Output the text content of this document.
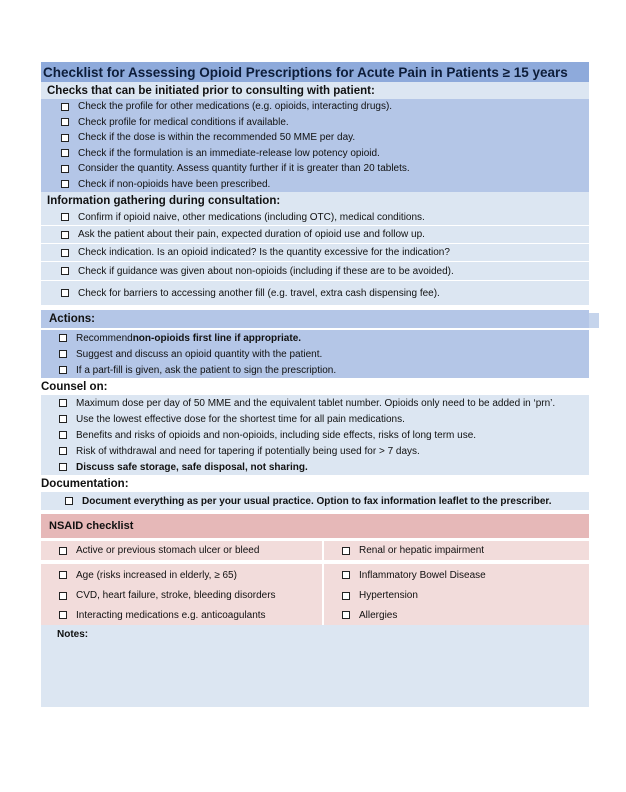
Checklist for Assessing Opioid Prescriptions for Acute Pain in Patients ≥ 15 years
Checks that can be initiated prior to consulting with patient:
Check the profile for other medications (e.g. opioids, interacting drugs).
Check profile for medical conditions if available.
Check if the dose is within the recommended 50 MME per day.
Check if the formulation is an immediate-release low potency opioid.
Consider the quantity. Assess quantity further if it is greater than 20 tablets.
Check if non-opioids have been prescribed.
Information gathering during consultation:
Confirm if opioid naive, other medications (including OTC), medical conditions.
Ask the patient about their pain, expected duration of opioid use and follow up.
Check indication. Is an opioid indicated? Is the quantity excessive for the indication?
Check if guidance was given about non-opioids (including if these are to be avoided).
Check for barriers to accessing another fill (e.g. travel, extra cash dispensing fee).
Actions:
Recommend non-opioids first line if appropriate.
Suggest and discuss an opioid quantity with the patient.
If a part-fill is given, ask the patient to sign the prescription.
Counsel on:
Maximum dose per day of 50 MME and the equivalent tablet number. Opioids only need to be added in ‘prn’.
Use the lowest effective dose for the shortest time for all pain medications.
Benefits and risks of opioids and non-opioids, including side effects, risks of long term use.
Risk of withdrawal and need for tapering if potentially being used for > 7 days.
Discuss safe storage, safe disposal, not sharing.
Documentation:
Document everything as per your usual practice. Option to fax information leaflet to the prescriber.
NSAID checklist
Active or previous stomach ulcer or bleed	Renal or hepatic impairment
Age (risks increased in elderly, ≥ 65)	Inflammatory Bowel Disease
CVD, heart failure, stroke, bleeding disorders	Hypertension
Interacting medications e.g. anticoagulants	Allergies
Notes:
